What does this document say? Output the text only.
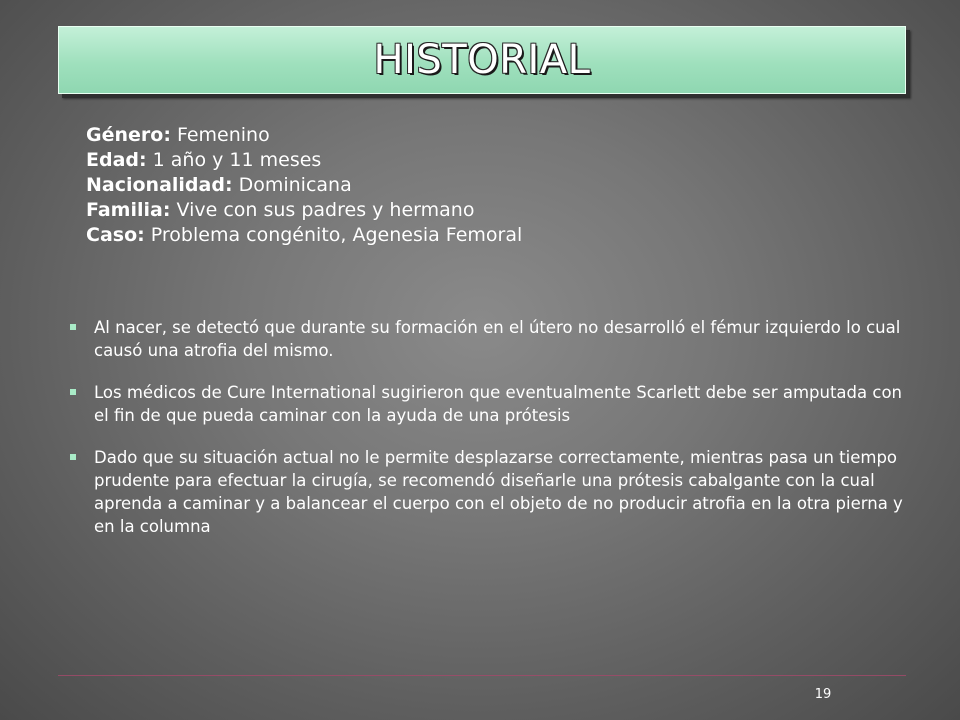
HISTORIAL
Género: Femenino
Edad: 1 año y 11 meses
Nacionalidad: Dominicana
Familia: Vive con sus padres y hermano
Caso: Problema congénito, Agenesia Femoral
Al nacer, se detectó que durante su formación en el útero no desarrolló el fémur izquierdo lo cual causó una atrofia del mismo.
Los médicos de Cure International sugirieron que eventualmente Scarlett debe ser amputada con el fin de que pueda caminar con la ayuda de una prótesis
Dado que su situación actual no le permite desplazarse correctamente, mientras pasa un tiempo prudente para efectuar la cirugía, se recomendó diseñarle una prótesis cabalgante con la cual aprenda a caminar y a balancear el cuerpo con el objeto de no producir atrofia en la otra pierna y en la columna
19
